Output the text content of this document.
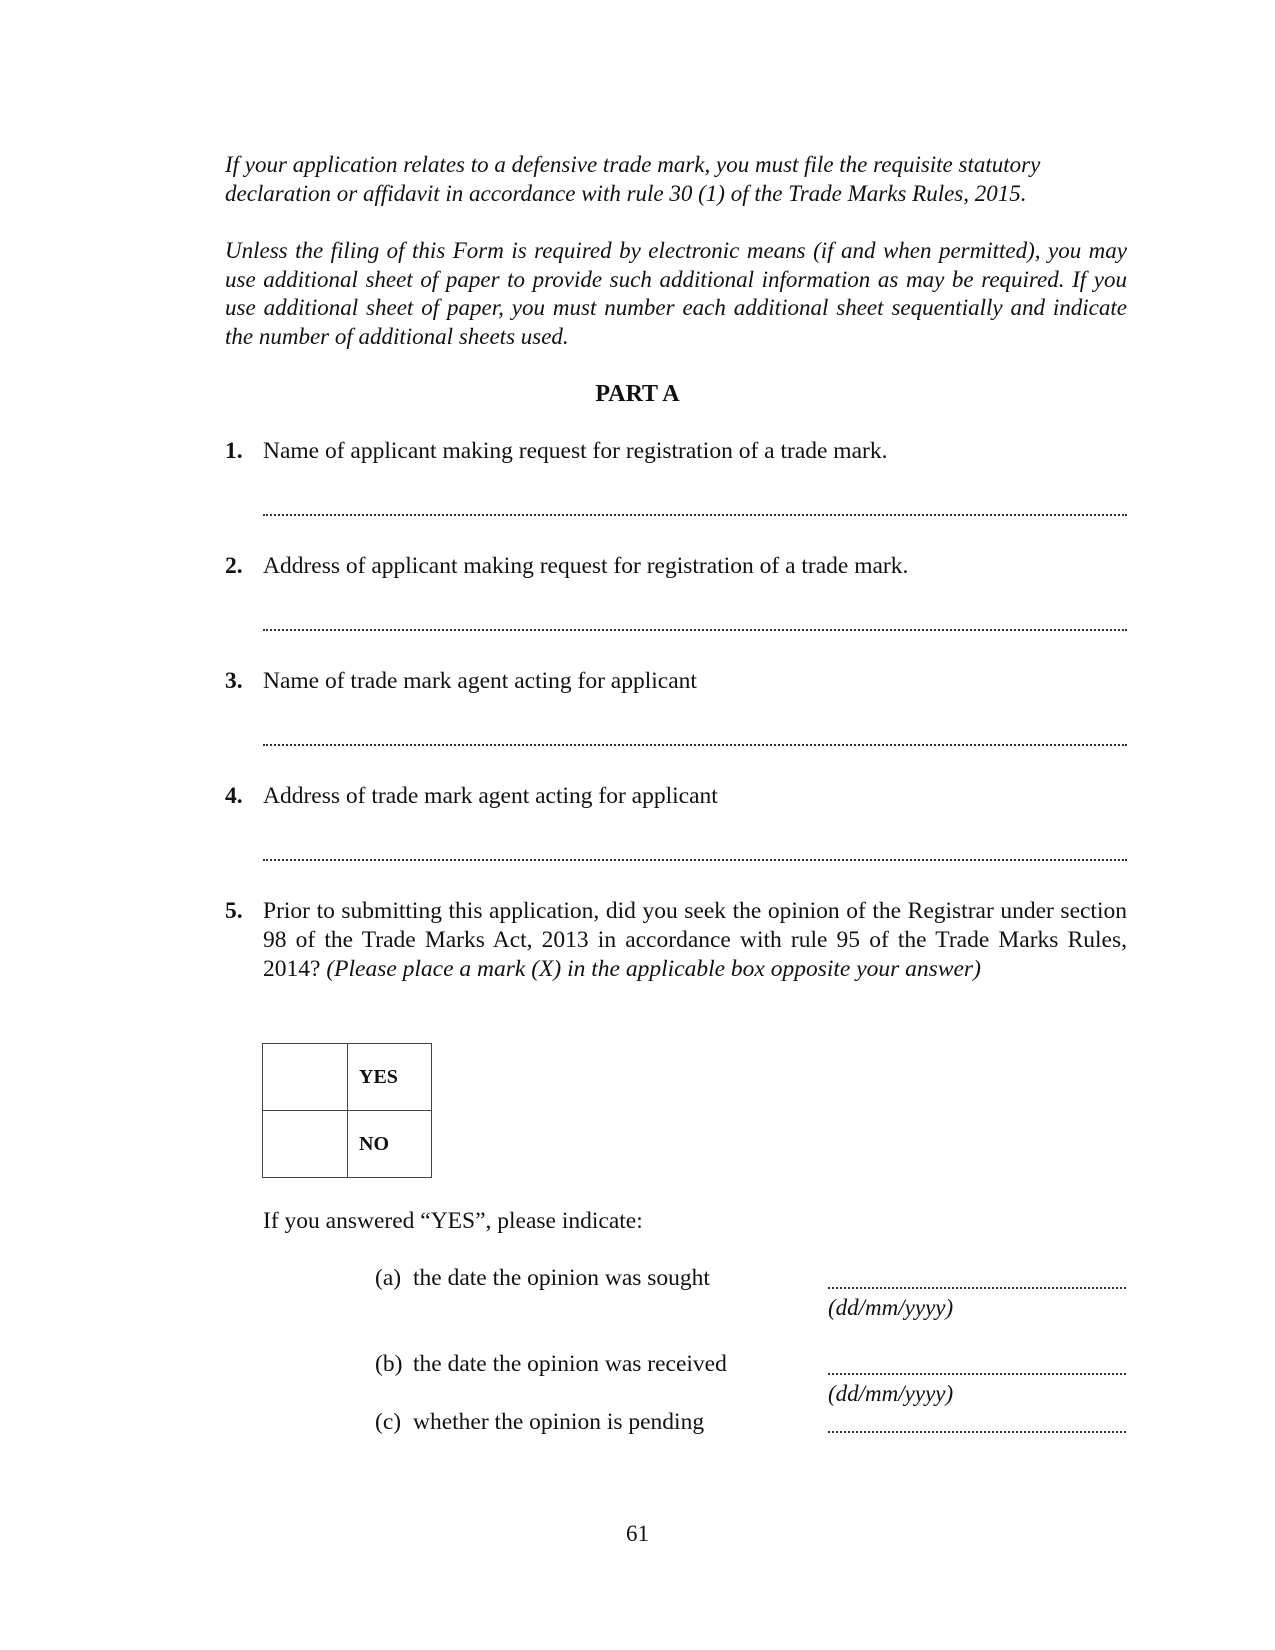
If your application relates to a defensive trade mark, you must file the requisite statutory declaration or affidavit in accordance with rule 30 (1) of the Trade Marks Rules, 2015.

Unless the filing of this Form is required by electronic means (if and when permitted), you may use additional sheet of paper to provide such additional information as may be required. If you use additional sheet of paper, you must number each additional sheet sequentially and indicate the number of additional sheets used.

PART A
1. Name of applicant making request for registration of a trade mark.
2. Address of applicant making request for registration of a trade mark.
3. Name of trade mark agent acting for applicant
4. Address of trade mark agent acting for applicant
5. Prior to submitting this application, did you seek the opinion of the Registrar under section 98 of the Trade Marks Act, 2013 in accordance with rule 95 of the Trade Marks Rules, 2014? (Please place a mark (X) in the applicable box opposite your answer)
	YES
	NO

If you answered “YES”, please indicate:

(a) the date the opinion was sought
(dd/mm/yyyy)
(b) the date the opinion was received
(dd/mm/yyyy)
(c) whether the opinion is pending
61
